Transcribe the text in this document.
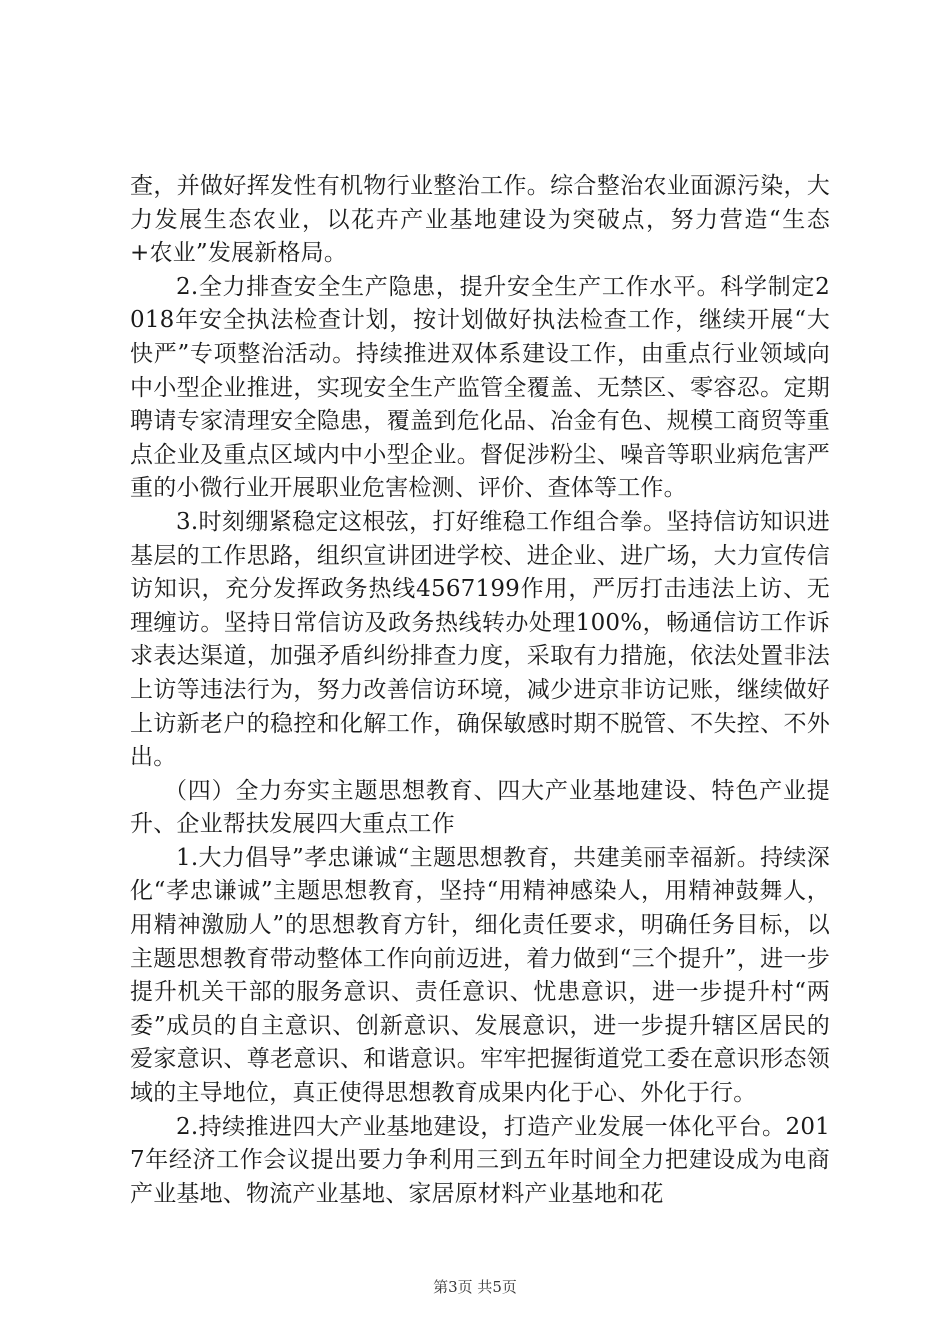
查，并做好挥发性有机物行业整治工作。综合整治农业面源污染，大力发展生态农业，以花卉产业基地建设为突破点，努力营造“生态+农业”发展新格局。

2.全力排查安全生产隐患，提升安全生产工作水平。科学制定2018年安全执法检查计划，按计划做好执法检查工作，继续开展“大快严”专项整治活动。持续推进双体系建设工作，由重点行业领域向中小型企业推进，实现安全生产监管全覆盖、无禁区、零容忍。定期聘请专家清理安全隐患，覆盖到危化品、冶金有色、规模工商贸等重点企业及重点区域内中小型企业。督促涉粉尘、噪音等职业病危害严重的小微行业开展职业危害检测、评价、查体等工作。

3.时刻绷紧稳定这根弦，打好维稳工作组合拳。坚持信访知识进基层的工作思路，组织宣讲团进学校、进企业、进广场，大力宣传信访知识，充分发挥政务热线4567199作用，严厉打击违法上访、无理缠访。坚持日常信访及政务热线转办处理100%，畅通信访工作诉求表达渠道，加强矛盾纠纷排查力度，采取有力措施，依法处置非法上访等违法行为，努力改善信访环境，减少进京非访记账，继续做好上访新老户的稳控和化解工作，确保敏感时期不脱管、不失控、不外出。

（四）全力夯实主题思想教育、四大产业基地建设、特色产业提升、企业帮扶发展四大重点工作

1.大力倡导”孝忠谦诚“主题思想教育，共建美丽幸福新。持续深化“孝忠谦诚”主题思想教育，坚持“用精神感染人，用精神鼓舞人，用精神激励人”的思想教育方针，细化责任要求，明确任务目标，以主题思想教育带动整体工作向前迈进，着力做到“三个提升”，进一步提升机关干部的服务意识、责任意识、忧患意识，进一步提升村“两委”成员的自主意识、创新意识、发展意识，进一步提升辖区居民的爱家意识、尊老意识、和谐意识。牢牢把握街道党工委在意识形态领域的主导地位，真正使得思想教育成果内化于心、外化于行。

2.持续推进四大产业基地建设，打造产业发展一体化平台。2017年经济工作会议提出要力争利用三到五年时间全力把建设成为电商产业基地、物流产业基地、家居原材料产业基地和花

第3页 共5页
